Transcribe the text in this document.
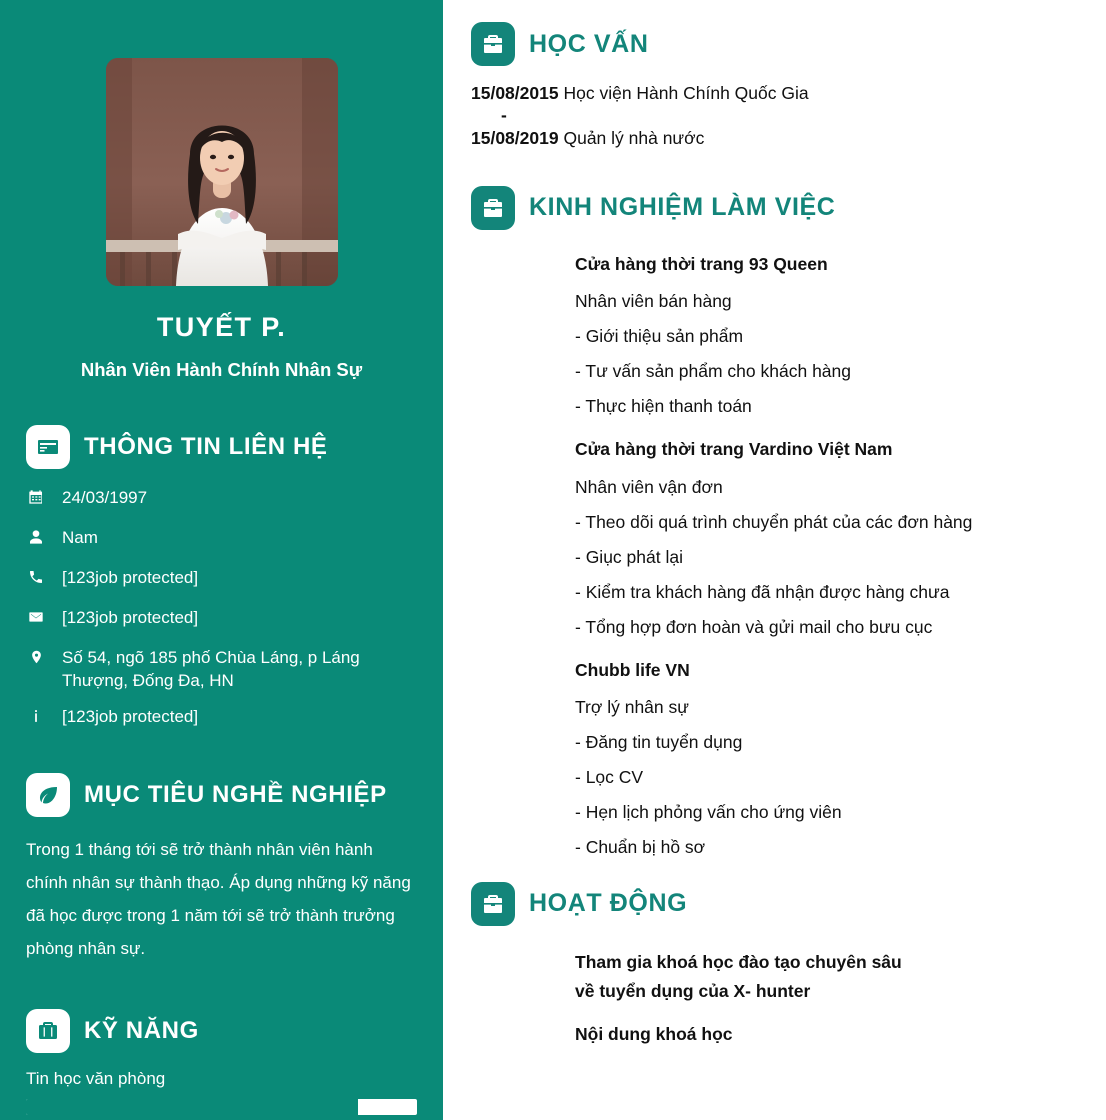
TUYẾT P.
Nhân Viên Hành Chính Nhân Sự
THÔNG TIN LIÊN HỆ
24/03/1997
Nam
[123job protected]
[123job protected]
Số 54, ngõ 185 phố Chùa Láng, p Láng Thượng, Đống Đa, HN
[123job protected]
MỤC TIÊU NGHỀ NGHIỆP
Trong 1 tháng tới sẽ trở thành nhân viên hành chính nhân sự thành thạo. Áp dụng những kỹ năng đã học được trong 1 năm tới sẽ trở thành trưởng phòng nhân sự.
KỸ NĂNG
Tin học văn phòng
HỌC VẤN
15/08/2015 Học viện Hành Chính Quốc Gia
-
15/08/2019 Quản lý nhà nước
KINH NGHIỆM LÀM VIỆC
Cửa hàng thời trang 93 Queen
Nhân viên bán hàng
- Giới thiệu sản phẩm
- Tư vấn sản phẩm cho khách hàng
- Thực hiện thanh toán
Cửa hàng thời trang Vardino Việt Nam
Nhân viên vận đơn
- Theo dõi quá trình chuyển phát của các đơn hàng
- Giục phát lại
- Kiểm tra khách hàng đã nhận được hàng chưa
- Tổng hợp đơn hoàn và gửi mail cho bưu cục
Chubb life VN
Trợ lý nhân sự
- Đăng tin tuyển dụng
- Lọc CV
- Hẹn lịch phỏng vấn cho ứng viên
- Chuẩn bị hồ sơ
HOẠT ĐỘNG
Tham gia khoá học đào tạo chuyên sâu về tuyển dụng của X- hunter
Nội dung khoá học
